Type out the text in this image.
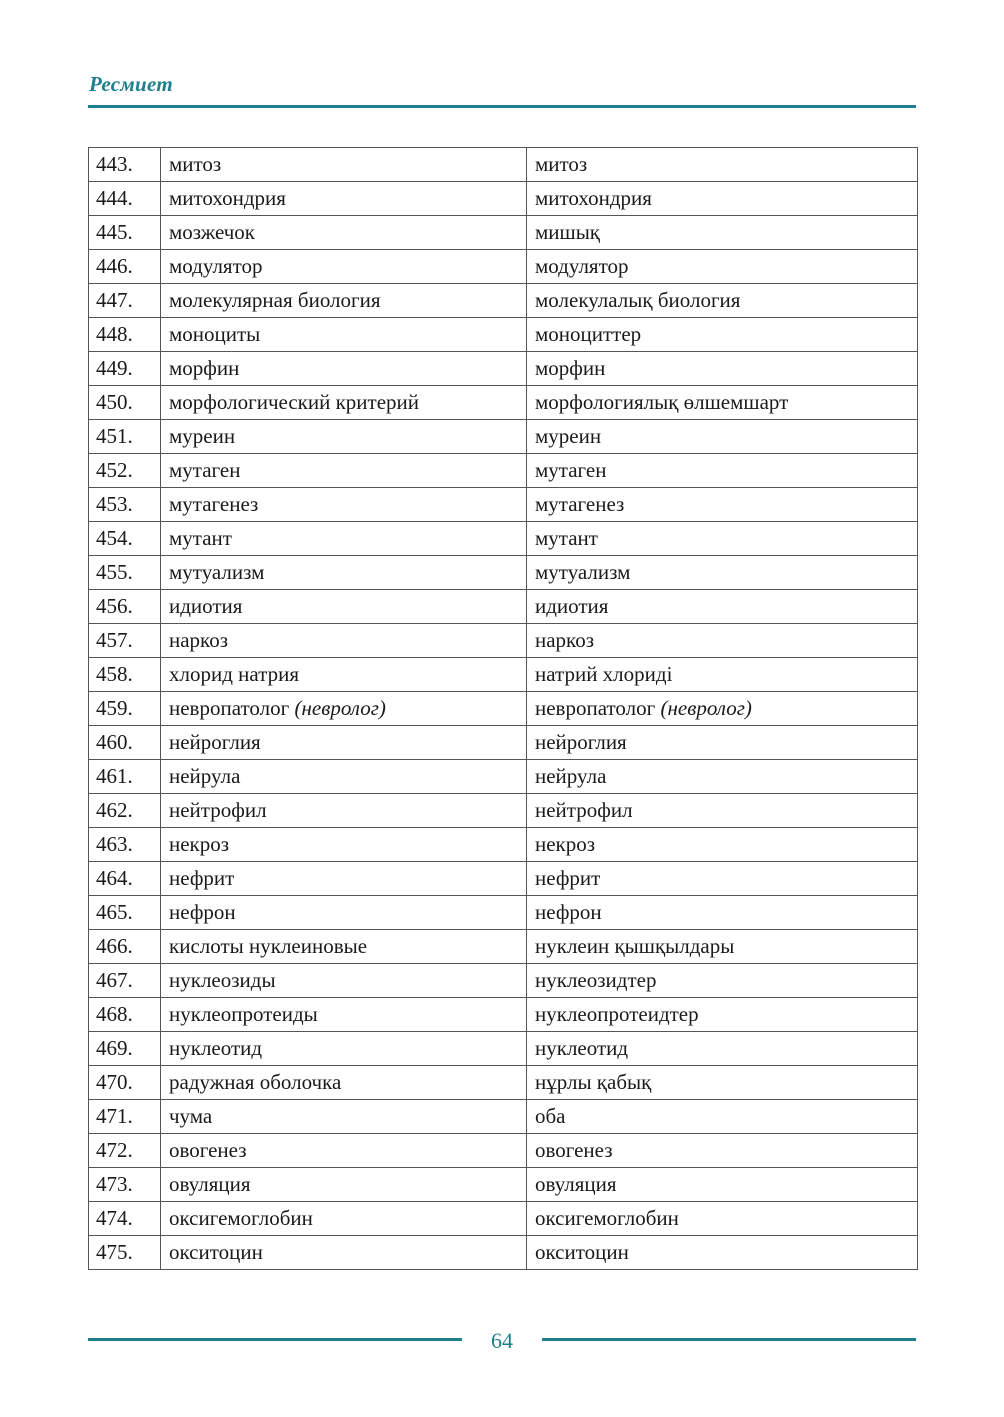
Ресмиет
443.	митоз	митоз
444.	митохондрия	митохондрия
445.	мозжечок	мишық
446.	модулятор	модулятор
447.	молекулярная биология	молекулалық биология
448.	моноциты	моноциттер
449.	морфин	морфин
450.	морфологический критерий	морфологиялық өлшемшарт
451.	муреин	муреин
452.	мутаген	мутаген
453.	мутагенез	мутагенез
454.	мутант	мутант
455.	мутуализм	мутуализм
456.	идиотия	идиотия
457.	наркоз	наркоз
458.	хлорид натрия	натрий хлориді
459.	невропатолог (невролог)	невропатолог (невролог)
460.	нейроглия	нейроглия
461.	нейрула	нейрула
462.	нейтрофил	нейтрофил
463.	некроз	некроз
464.	нефрит	нефрит
465.	нефрон	нефрон
466.	кислоты нуклеиновые	нуклеин қышқылдары
467.	нуклеозиды	нуклеозидтер
468.	нуклеопротеиды	нуклеопротеидтер
469.	нуклеотид	нуклеотид
470.	радужная оболочка	нұрлы қабық
471.	чума	оба
472.	овогенез	овогенез
473.	овуляция	овуляция
474.	оксигемоглобин	оксигемоглобин
475.	окситоцин	окситоцин
64
